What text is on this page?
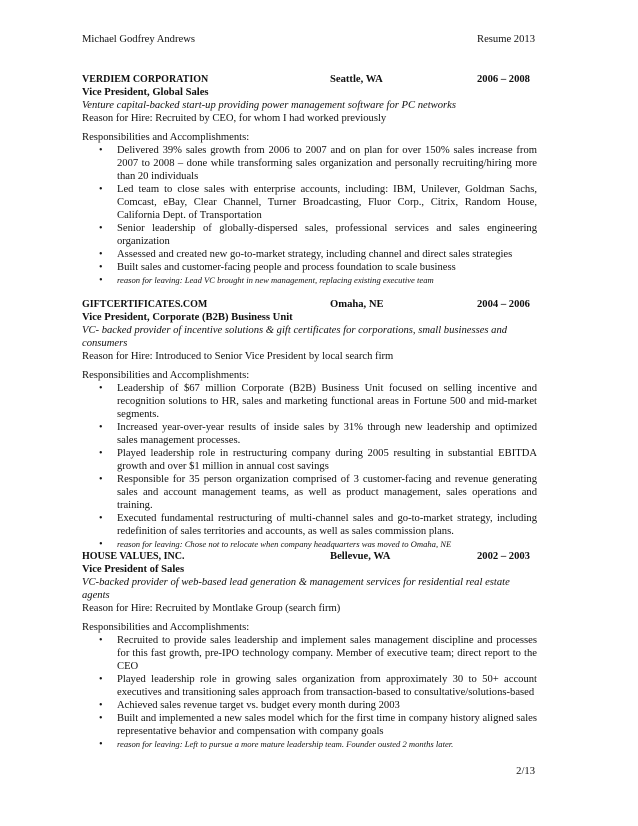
Michael Godfrey Andrews	Resume 2013
VERDIEM CORPORATION	Seattle, WA	2006 – 2008
Vice President, Global Sales
Venture capital-backed start-up providing power management software for PC networks
Reason for Hire: Recruited by CEO, for whom I had worked previously
Responsibilities and Accomplishments:
• Delivered 39% sales growth from 2006 to 2007 and on plan for over 150% sales increase from 2007 to 2008 – done while transforming sales organization and personally recruiting/hiring more than 20 individuals
• Led team to close sales with enterprise accounts, including: IBM, Unilever, Goldman Sachs, Comcast, eBay, Clear Channel, Turner Broadcasting, Fluor Corp., Citrix, Random House, California Dept. of Transportation
• Senior leadership of globally-dispersed sales, professional services and sales engineering organization
• Assessed and created new go-to-market strategy, including channel and direct sales strategies
• Built sales and customer-facing people and process foundation to scale business
• reason for leaving: Lead VC brought in new management, replacing existing executive team
GIFTCERTIFICATES.COM	Omaha, NE	2004 – 2006
Vice President, Corporate (B2B) Business Unit
VC- backed provider of incentive solutions & gift certificates for corporations, small businesses and consumers
Reason for Hire: Introduced to Senior Vice President by local search firm
Responsibilities and Accomplishments:
• Leadership of $67 million Corporate (B2B) Business Unit focused on selling incentive and recognition solutions to HR, sales and marketing functional areas in Fortune 500 and mid-market segments.
• Increased year-over-year results of inside sales by 31% through new leadership and optimized sales management processes.
• Played leadership role in restructuring company during 2005 resulting in substantial EBITDA growth and over $1 million in annual cost savings
• Responsible for 35 person organization comprised of 3 customer-facing and revenue generating sales and account management teams, as well as product management, sales operations and training.
• Executed fundamental restructuring of multi-channel sales and go-to-market strategy, including redefinition of sales territories and accounts, as well as sales commission plans.
• reason for leaving: Chose not to relocate when company headquarters was moved to Omaha, NE
HOUSE VALUES, INC.	Bellevue, WA	2002 – 2003
Vice President of Sales
VC-backed provider of web-based lead generation & management services for residential real estate agents
Reason for Hire: Recruited by Montlake Group (search firm)
Responsibilities and Accomplishments:
• Recruited to provide sales leadership and implement sales management discipline and processes for this fast growth, pre-IPO technology company. Member of executive team; direct report to the CEO
• Played leadership role in growing sales organization from approximately 30 to 50+ account executives and transitioning sales approach from transaction-based to consultative/solutions-based
• Achieved sales revenue target vs. budget every month during 2003
• Built and implemented a new sales model which for the first time in company history aligned sales representative behavior and compensation with company goals
• reason for leaving: Left to pursue a more mature leadership team. Founder ousted 2 months later.
2/13
